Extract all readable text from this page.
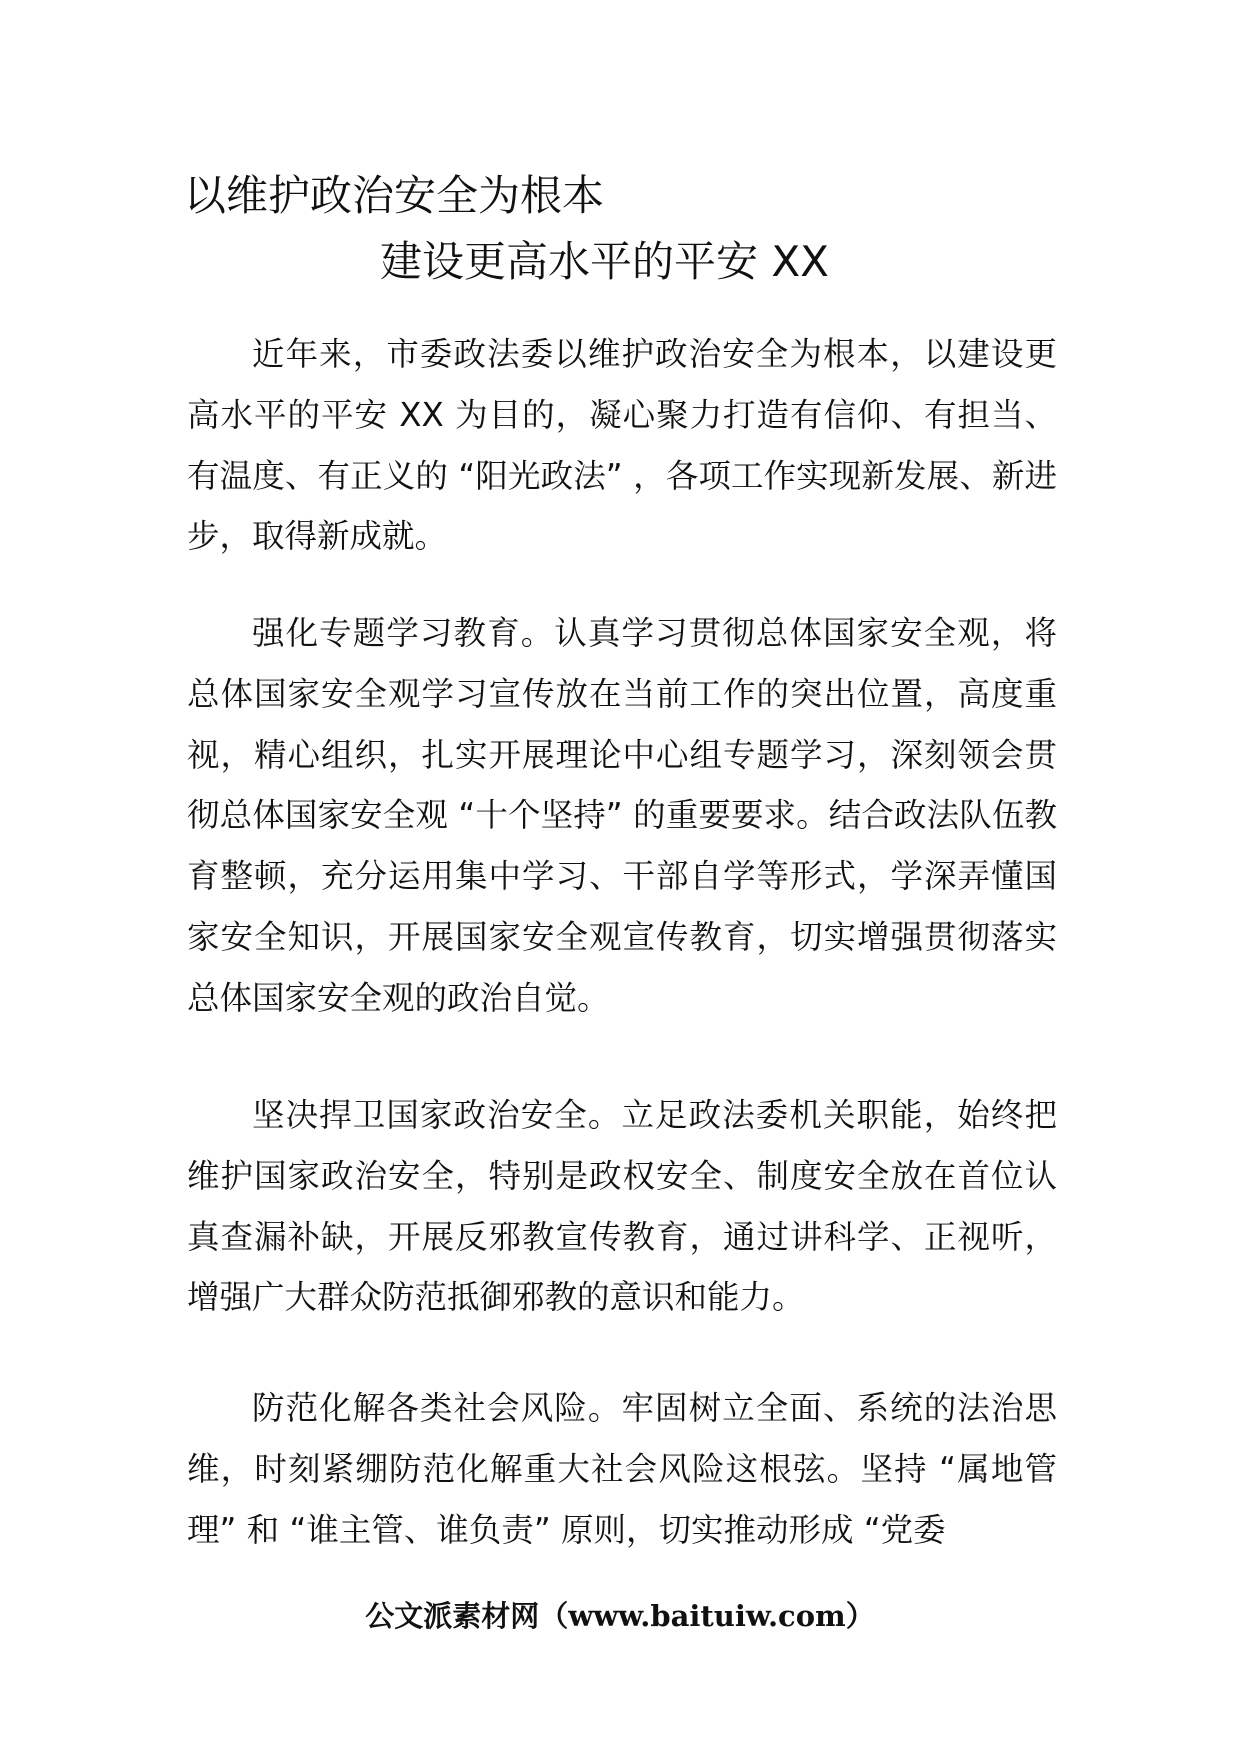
以维护政治安全为根本
建设更高水平的平安 XX

近年来，市委政法委以维护政治安全为根本，以建设更高水平的平安 XX 为目的，凝心聚力打造有信仰、有担当、有温度、有正义的 “阳光政法” ，各项工作实现新发展、新进步，取得新成就。

强化专题学习教育。认真学习贯彻总体国家安全观，将总体国家安全观学习宣传放在当前工作的突出位置，高度重视，精心组织，扎实开展理论中心组专题学习，深刻领会贯彻总体国家安全观 “十个坚持” 的重要要求。结合政法队伍教育整顿，充分运用集中学习、干部自学等形式，学深弄懂国家安全知识，开展国家安全观宣传教育，切实增强贯彻落实总体国家安全观的政治自觉。

坚决捍卫国家政治安全。立足政法委机关职能，始终把维护国家政治安全，特别是政权安全、制度安全放在首位认真查漏补缺，开展反邪教宣传教育，通过讲科学、正视听，增强广大群众防范抵御邪教的意识和能力。

防范化解各类社会风险。牢固树立全面、系统的法治思维，时刻紧绷防范化解重大社会风险这根弦。坚持 “属地管理” 和 “谁主管、谁负责” 原则，切实推动形成 “党委

公文派素材网（www.baituiw.com）
